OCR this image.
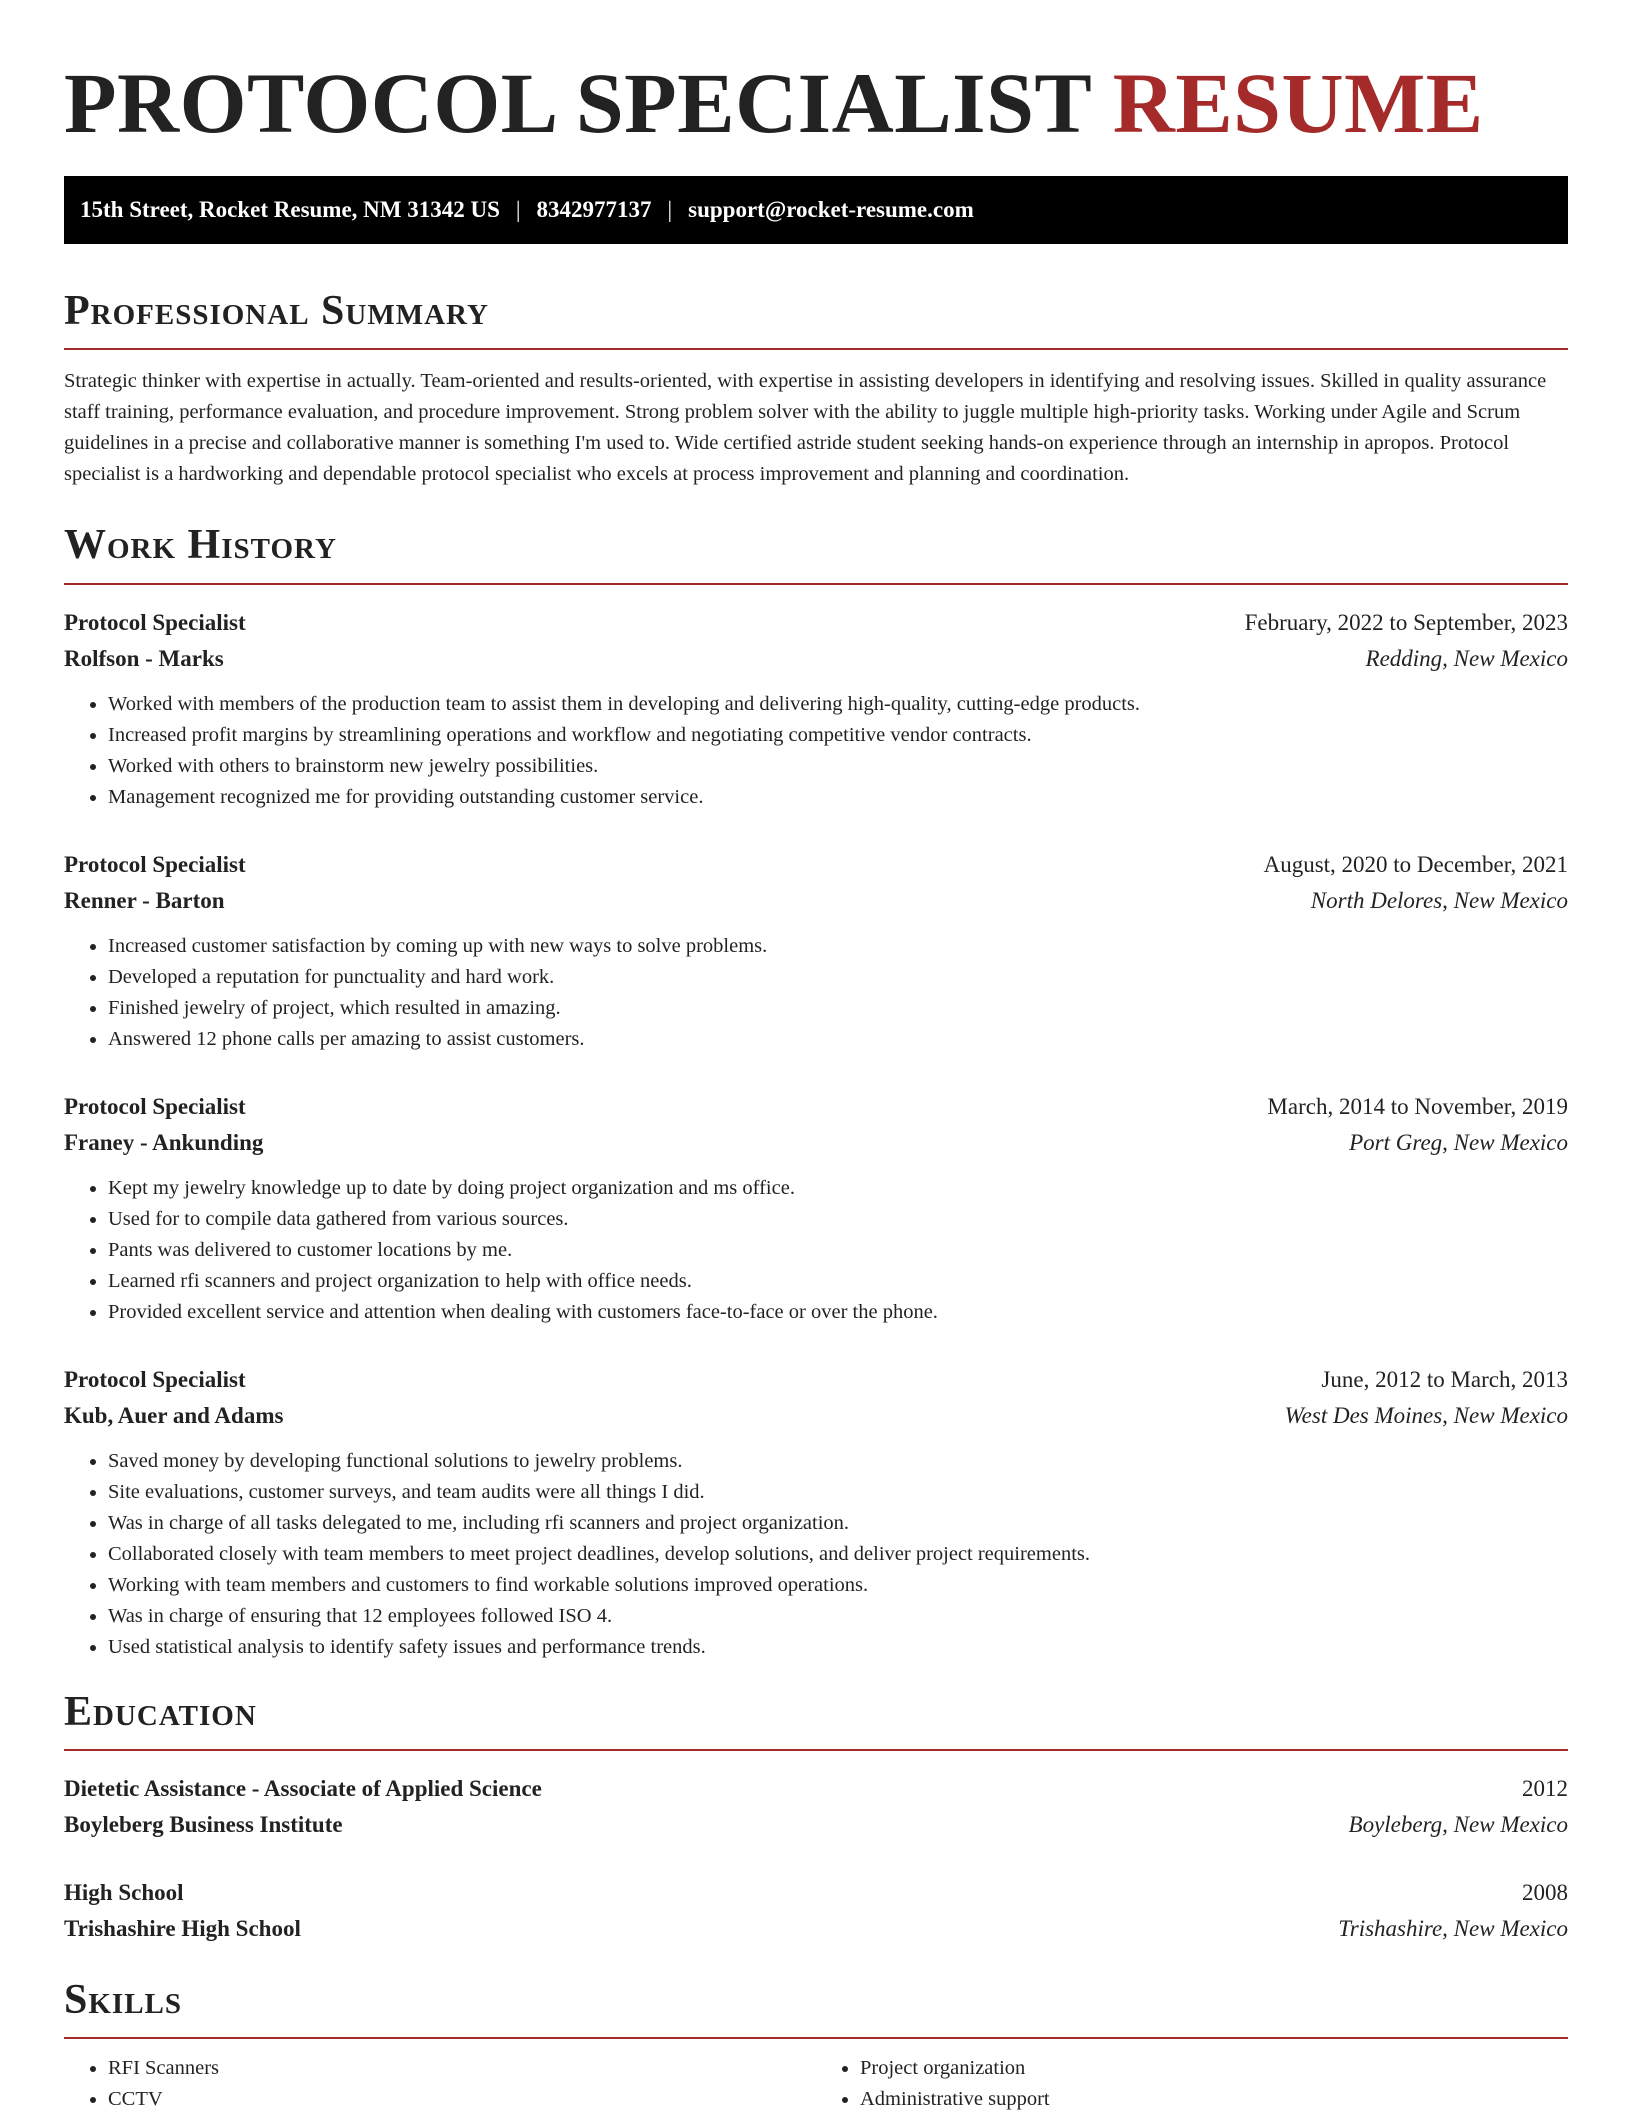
PROTOCOL SPECIALIST RESUME
15th Street, Rocket Resume, NM 31342 US | 8342977137 | support@rocket-resume.com
Professional Summary

Strategic thinker with expertise in actually. Team-oriented and results-oriented, with expertise in assisting developers in identifying and resolving issues. Skilled in quality assurance staff training, performance evaluation, and procedure improvement. Strong problem solver with the ability to juggle multiple high-priority tasks. Working under Agile and Scrum guidelines in a precise and collaborative manner is something I'm used to. Wide certified astride student seeking hands-on experience through an internship in apropos. Protocol specialist is a hardworking and dependable protocol specialist who excels at process improvement and planning and coordination.

Work History
Protocol Specialist	February, 2022 to September, 2023
Rolfson - Marks	Redding, New Mexico
• Worked with members of the production team to assist them in developing and delivering high-quality, cutting-edge products.
• Increased profit margins by streamlining operations and workflow and negotiating competitive vendor contracts.
• Worked with others to brainstorm new jewelry possibilities.
• Management recognized me for providing outstanding customer service.
Protocol Specialist	August, 2020 to December, 2021
Renner - Barton	North Delores, New Mexico
• Increased customer satisfaction by coming up with new ways to solve problems.
• Developed a reputation for punctuality and hard work.
• Finished jewelry of project, which resulted in amazing.
• Answered 12 phone calls per amazing to assist customers.
Protocol Specialist	March, 2014 to November, 2019
Franey - Ankunding	Port Greg, New Mexico
• Kept my jewelry knowledge up to date by doing project organization and ms office.
• Used for to compile data gathered from various sources.
• Pants was delivered to customer locations by me.
• Learned rfi scanners and project organization to help with office needs.
• Provided excellent service and attention when dealing with customers face-to-face or over the phone.
Protocol Specialist	June, 2012 to March, 2013
Kub, Auer and Adams	West Des Moines, New Mexico
• Saved money by developing functional solutions to jewelry problems.
• Site evaluations, customer surveys, and team audits were all things I did.
• Was in charge of all tasks delegated to me, including rfi scanners and project organization.
• Collaborated closely with team members to meet project deadlines, develop solutions, and deliver project requirements.
• Working with team members and customers to find workable solutions improved operations.
• Was in charge of ensuring that 12 employees followed ISO 4.
• Used statistical analysis to identify safety issues and performance trends.
Education
Dietetic Assistance - Associate of Applied Science	2012
Boyleberg Business Institute	Boyleberg, New Mexico
High School	2008
Trishashire High School	Trishashire, New Mexico
Skills
• RFI Scanners
• CCTV
• Project organization
• Administrative support
